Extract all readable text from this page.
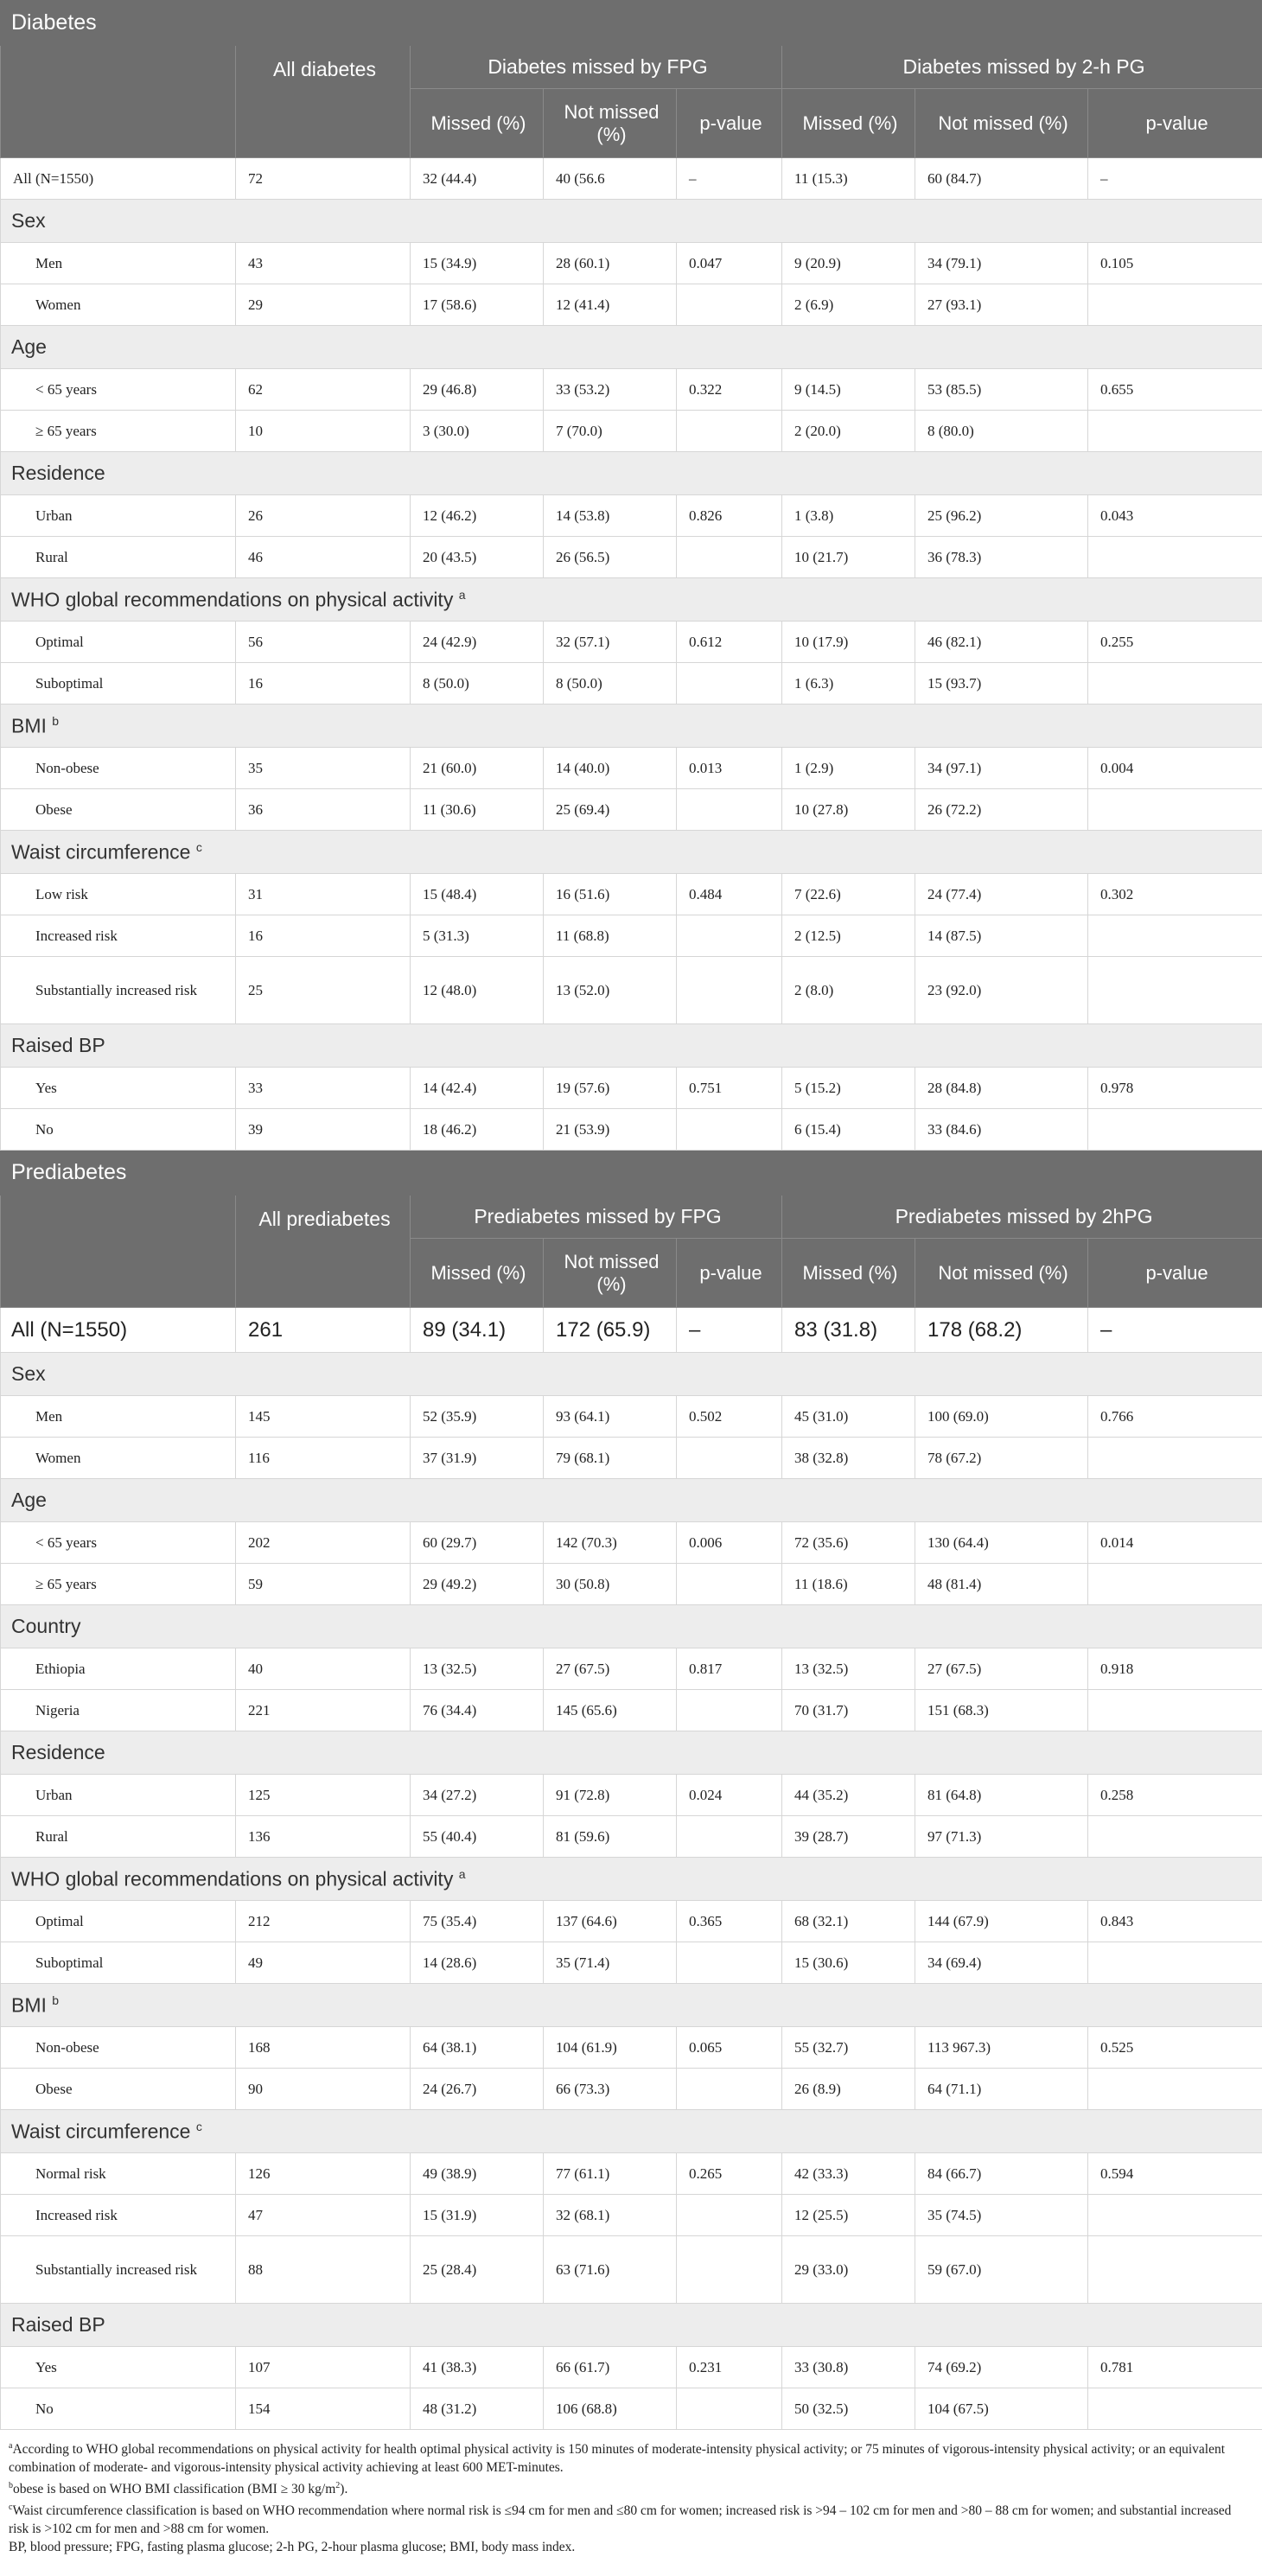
Diabetes							
	All diabetes	Diabetes missed by FPG			Diabetes missed by 2-h PG		
		Missed (%)	Not missed (%)	p-value	Missed (%)	Not missed (%)	p-value
All (N=1550)	72	32 (44.4)	40 (56.6	–	11 (15.3)	60 (84.7)	–
Sex							
Men	43	15 (34.9)	28 (60.1)	0.047	9 (20.9)	34 (79.1)	0.105
Women	29	17 (58.6)	12 (41.4)		2 (6.9)	27 (93.1)	
Age							
< 65 years	62	29 (46.8)	33 (53.2)	0.322	9 (14.5)	53 (85.5)	0.655
≥ 65 years	10	3 (30.0)	7 (70.0)		2 (20.0)	8 (80.0)	
Residence							
Urban	26	12 (46.2)	14 (53.8)	0.826	1 (3.8)	25 (96.2)	0.043
Rural	46	20 (43.5)	26 (56.5)		10 (21.7)	36 (78.3)	
WHO global recommendations on physical activity $^a$
Optimal	56	24 (42.9)	32 (57.1)	0.612	10 (17.9)	46 (82.1)	0.255
Suboptimal	16	8 (50.0)	8 (50.0)		1 (6.3)	15 (93.7)	
BMI $^b$
Non-obese	35	21 (60.0)	14 (40.0)	0.013	1 (2.9)	34 (97.1)	0.004
Obese	36	11 (30.6)	25 (69.4)		10 (27.8)	26 (72.2)	
Waist circumference $^c$
Low risk	31	15 (48.4)	16 (51.6)	0.484	7 (22.6)	24 (77.4)	0.302
Increased risk	16	5 (31.3)	11 (68.8)		2 (12.5)	14 (87.5)	
Substantially increased risk	25	12 (48.0)	13 (52.0)		2 (8.0)	23 (92.0)	
Raised BP							
Yes	33	14 (42.4)	19 (57.6)	0.751	5 (15.2)	28 (84.8)	0.978
No	39	18 (46.2)	21 (53.9)		6 (15.4)	33 (84.6)	
Prediabetes							
	All prediabetes	Prediabetes missed by FPG			Prediabetes missed by 2hPG		
		Missed (%)	Not missed (%)	p-value	Missed (%)	Not missed (%)	p-value
All (N=1550)	261	89 (34.1)	172 (65.9)	–	83 (31.8)	178 (68.2)	–
Sex							
Men	145	52 (35.9)	93 (64.1)	0.502	45 (31.0)	100 (69.0)	0.766
Women	116	37 (31.9)	79 (68.1)		38 (32.8)	78 (67.2)	
Age							
< 65 years	202	60 (29.7)	142 (70.3)	0.006	72 (35.6)	130 (64.4)	0.014
≥ 65 years	59	29 (49.2)	30 (50.8)		11 (18.6)	48 (81.4)	
Country							
Ethiopia	40	13 (32.5)	27 (67.5)	0.817	13 (32.5)	27 (67.5)	0.918
Nigeria	221	76 (34.4)	145 (65.6)		70 (31.7)	151 (68.3)	
Residence							
Urban	125	34 (27.2)	91 (72.8)	0.024	44 (35.2)	81 (64.8)	0.258
Rural	136	55 (40.4)	81 (59.6)		39 (28.7)	97 (71.3)	
WHO global recommendations on physical activity $^a$
Optimal	212	75 (35.4)	137 (64.6)	0.365	68 (32.1)	144 (67.9)	0.843
Suboptimal	49	14 (28.6)	35 (71.4)		15 (30.6)	34 (69.4)	
BMI $^b$
Non-obese	168	64 (38.1)	104 (61.9)	0.065	55 (32.7)	113 967.3)	0.525
Obese	90	24 (26.7)	66 (73.3)		26 (8.9)	64 (71.1)	
Waist circumference $^c$
Normal risk	126	49 (38.9)	77 (61.1)	0.265	42 (33.3)	84 (66.7)	0.594
Increased risk	47	15 (31.9)	32 (68.1)		12 (25.5)	35 (74.5)	
Substantially increased risk	88	25 (28.4)	63 (71.6)		29 (33.0)	59 (67.0)	
Raised BP							
Yes	107	41 (38.3)	66 (61.7)	0.231	33 (30.8)	74 (69.2)	0.781
No	154	48 (31.2)	106 (68.8)		50 (32.5)	104 (67.5)	
$^a$According to WHO global recommendations on physical activity for health optimal physical activity is 150 minutes of moderate-intensity physical activity; or 75 minutes of vigorous-intensity physical activity; or an equivalent combination of moderate- and vigorous-intensity physical activity achieving at least 600 MET-minutes.
$^b$obese is based on WHO BMI classification (BMI ≥ 30 $kg/m^2$).
$^c$Waist circumference classification is based on WHO recommendation where normal risk is ≤94 cm for men and ≤80 cm for women; increased risk is >94 – 102 cm for men and >80 – 88 cm for women; and substantial increased risk is >102 cm for men and >88 cm for women.
BP, blood pressure; FPG, fasting plasma glucose; 2-h PG, 2-hour plasma glucose; BMI, body mass index.
